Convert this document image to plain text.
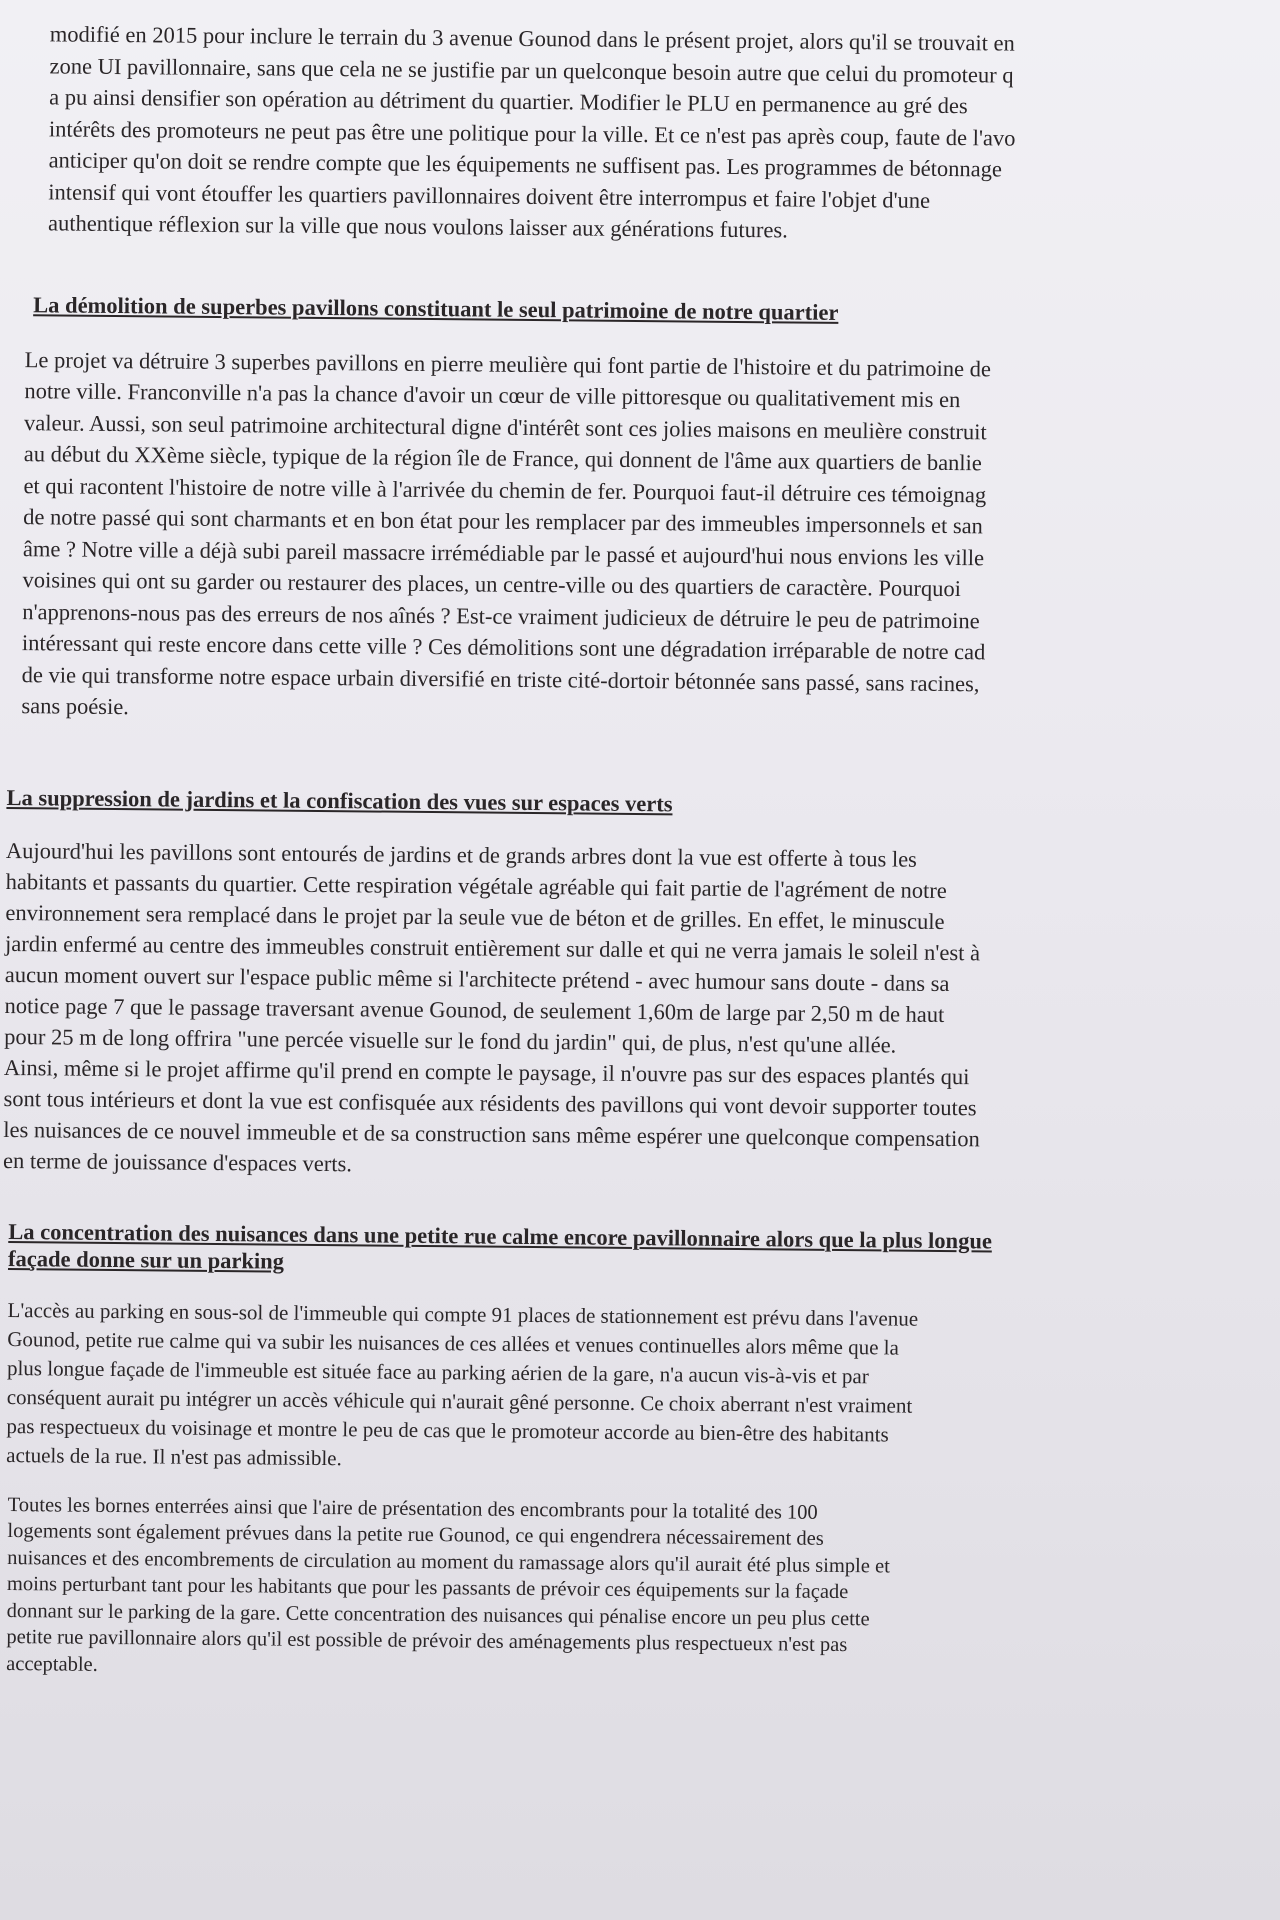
modifié en 2015 pour inclure le terrain du 3 avenue Gounod dans le présent projet, alors qu'il se trouvait en
zone UI pavillonnaire, sans que cela ne se justifie par un quelconque besoin autre que celui du promoteur q
a pu ainsi densifier son opération au détriment du quartier. Modifier le PLU en permanence au gré des
intérêts des promoteurs ne peut pas être une politique pour la ville. Et ce n'est pas après coup, faute de l'avo
anticiper qu'on doit se rendre compte que les équipements ne suffisent pas. Les programmes de bétonnage
intensif qui vont étouffer les quartiers pavillonnaires doivent être interrompus et faire l'objet d'une
authentique réflexion sur la ville que nous voulons laisser aux générations futures.

La démolition de superbes pavillons constituant le seul patrimoine de notre quartier

Le projet va détruire 3 superbes pavillons en pierre meulière qui font partie de l'histoire et du patrimoine de
notre ville. Franconville n'a pas la chance d'avoir un cœur de ville pittoresque ou qualitativement mis en
valeur. Aussi, son seul patrimoine architectural digne d'intérêt sont ces jolies maisons en meulière construit
au début du XXème siècle, typique de la région île de France, qui donnent de l'âme aux quartiers de banlie
et qui racontent l'histoire de notre ville à l'arrivée du chemin de fer. Pourquoi faut-il détruire ces témoignag
de notre passé qui sont charmants et en bon état pour les remplacer par des immeubles impersonnels et san
âme ? Notre ville a déjà subi pareil massacre irrémédiable par le passé et aujourd'hui nous envions les ville
voisines qui ont su garder ou restaurer des places, un centre-ville ou des quartiers de caractère. Pourquoi
n'apprenons-nous pas des erreurs de nos aînés ? Est-ce vraiment judicieux de détruire le peu de patrimoine
intéressant qui reste encore dans cette ville ? Ces démolitions sont une dégradation irréparable de notre cad
de vie qui transforme notre espace urbain diversifié en triste cité-dortoir bétonnée sans passé, sans racines,
sans poésie.

La suppression de jardins et la confiscation des vues sur espaces verts

Aujourd'hui les pavillons sont entourés de jardins et de grands arbres dont la vue est offerte à tous les
habitants et passants du quartier. Cette respiration végétale agréable qui fait partie de l'agrément de notre
environnement sera remplacé dans le projet par la seule vue de béton et de grilles. En effet, le minuscule
jardin enfermé au centre des immeubles construit entièrement sur dalle et qui ne verra jamais le soleil n'est à
aucun moment ouvert sur l'espace public même si l'architecte prétend - avec humour sans doute - dans sa
notice page 7 que le passage traversant avenue Gounod, de seulement 1,60m de large par 2,50 m de haut
pour 25 m de long offrira "une percée visuelle sur le fond du jardin" qui, de plus, n'est qu'une allée.
Ainsi, même si le projet affirme qu'il prend en compte le paysage, il n'ouvre pas sur des espaces plantés qui
sont tous intérieurs et dont la vue est confisquée aux résidents des pavillons qui vont devoir supporter toutes
les nuisances de ce nouvel immeuble et de sa construction sans même espérer une quelconque compensation
en terme de jouissance d'espaces verts.

La concentration des nuisances dans une petite rue calme encore pavillonnaire alors que la plus longue
façade donne sur un parking

L'accès au parking en sous-sol de l'immeuble qui compte 91 places de stationnement est prévu dans l'avenue
Gounod, petite rue calme qui va subir les nuisances de ces allées et venues continuelles alors même que la
plus longue façade de l'immeuble est située face au parking aérien de la gare, n'a aucun vis-à-vis et par
conséquent aurait pu intégrer un accès véhicule qui n'aurait gêné personne. Ce choix aberrant n'est vraiment
pas respectueux du voisinage et montre le peu de cas que le promoteur accorde au bien-être des habitants
actuels de la rue. Il n'est pas admissible.

Toutes les bornes enterrées ainsi que l'aire de présentation des encombrants pour la totalité des 100
logements sont également prévues dans la petite rue Gounod, ce qui engendrera nécessairement des
nuisances et des encombrements de circulation au moment du ramassage alors qu'il aurait été plus simple et
moins perturbant tant pour les habitants que pour les passants de prévoir ces équipements sur la façade
donnant sur le parking de la gare. Cette concentration des nuisances qui pénalise encore un peu plus cette
petite rue pavillonnaire alors qu'il est possible de prévoir des aménagements plus respectueux n'est pas
acceptable.
